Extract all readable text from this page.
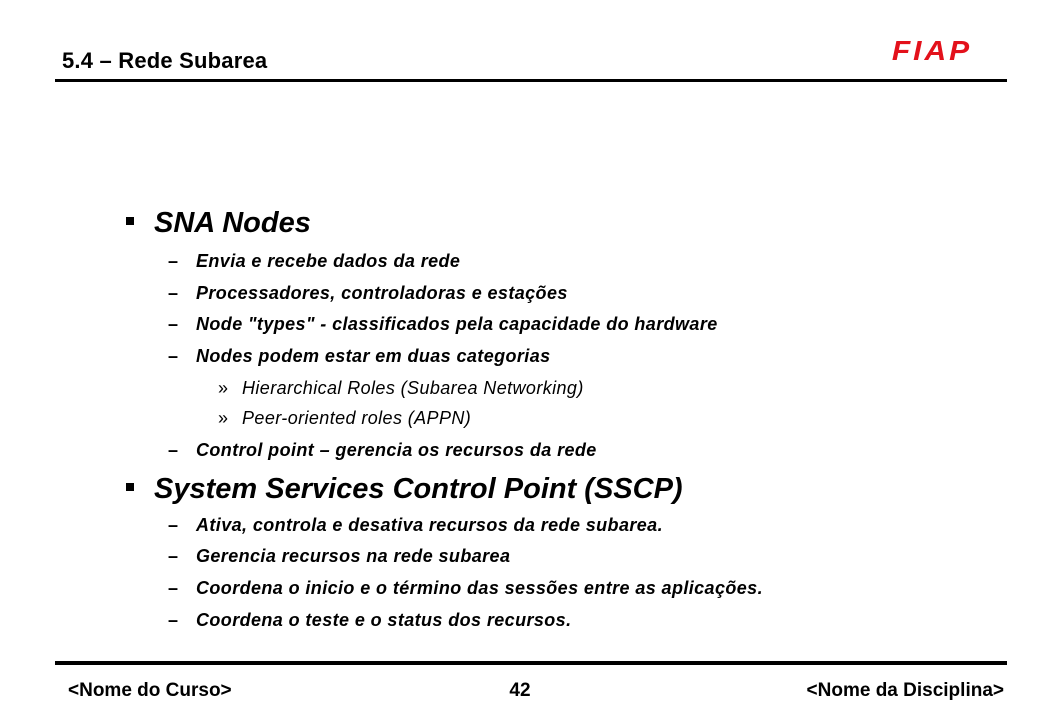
5.4 – Rede Subarea	FIAP
SNA Nodes
– Envia e recebe dados da rede
– Processadores, controladoras e estações
– Node "types" - classificados pela capacidade do hardware
– Nodes podem estar em duas categorias
» Hierarchical Roles (Subarea Networking)
» Peer-oriented roles (APPN)
– Control point – gerencia os recursos da rede
System Services Control Point (SSCP)
– Ativa, controla e desativa recursos da rede subarea.
– Gerencia recursos na rede subarea
– Coordena o inicio e o término das sessões entre as aplicações.
– Coordena o teste e o status dos recursos.
<Nome do Curso>	42	<Nome da Disciplina>
